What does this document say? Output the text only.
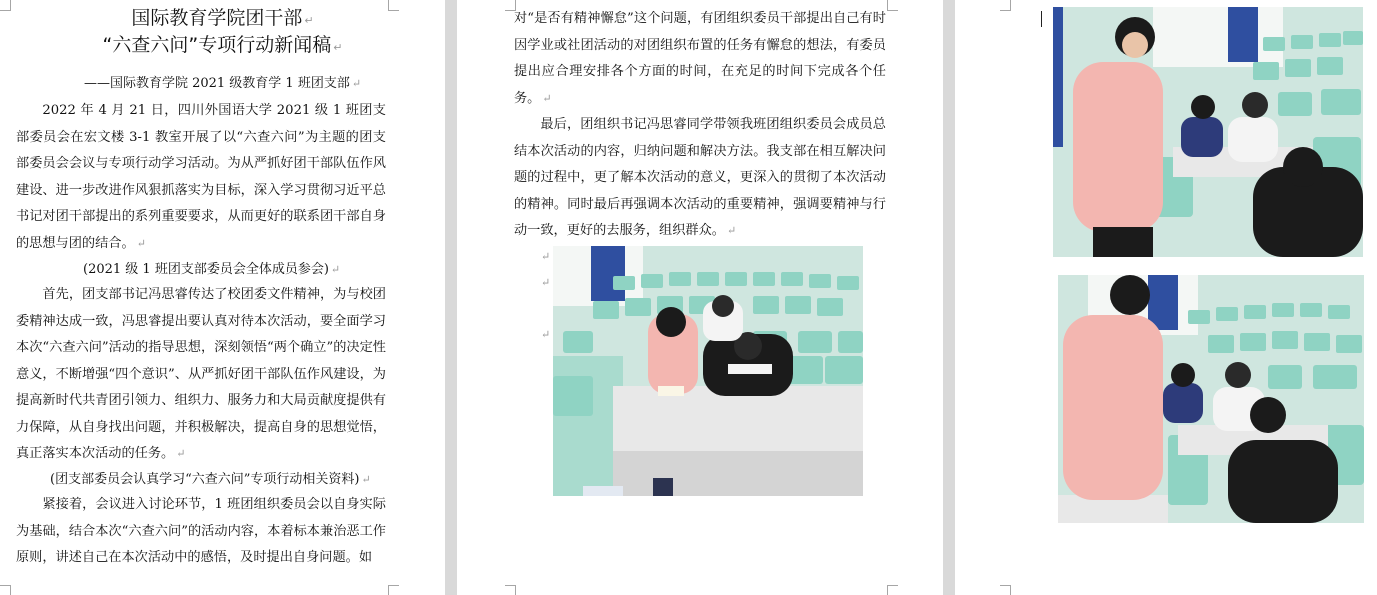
国际教育学院团干部 ↵
“六查六问”专项行动新闻稿 ↵
——国际教育学院 2021 级教育学 1 班团支部 ↵

2022 年 4 月 21 日，四川外国语大学 2021 级 1 班团支部委员会在宏文楼 3-1 教室开展了以“六查六问”为主题的团支部委员会会议与专项行动学习活动。为从严抓好团干部队伍作风建设、进一步改进作风狠抓落实为目标，深入学习贯彻习近平总书记对团干部提出的系列重要要求，从而更好的联系团干部自身的思想与团的结合。 ↵

(2021 级 1 班团支部委员会全体成员参会) ↵

首先，团支部书记冯思睿传达了校团委文件精神，为与校团委精神达成一致，冯思睿提出要认真对待本次活动，要全面学习本次“六查六问”活动的指导思想，深刻领悟“两个确立”的决定性意义，不断增强“四个意识”、从严抓好团干部队伍作风建设，为提高新时代共青团引领力、组织力、服务力和大局贡献度提供有力保障，从自身找出问题，并积极解决，提高自身的思想觉悟，真正落实本次活动的任务。 ↵

(团支部委员会认真学习“六查六问”专项行动相关资料) ↵

紧接着，会议进入讨论环节，1 班团组织委员会以自身实际为基础，结合本次“六查六问”的活动内容，本着标本兼治恶工作原则，讲述自己在本次活动中的感悟，及时提出自身问题。如

对“是否有精神懈怠”这个问题，有团组织委员干部提出自己有时因学业或社团活动的对团组织布置的任务有懈怠的想法，有委员提出应合理安排各个方面的时间，在充足的时间下完成各个任务。 ↵

最后，团组织书记冯思睿同学带领我班团组织委员会成员总结本次活动的内容，归纳问题和解决方法。我支部在相互解决问题的过程中，更了解本次活动的意义，更深入的贯彻了本次活动的精神。同时最后再强调本次活动的重要精神，强调要精神与行动一致，更好的去服务，组织群众。 ↵

↵
↵
↵
